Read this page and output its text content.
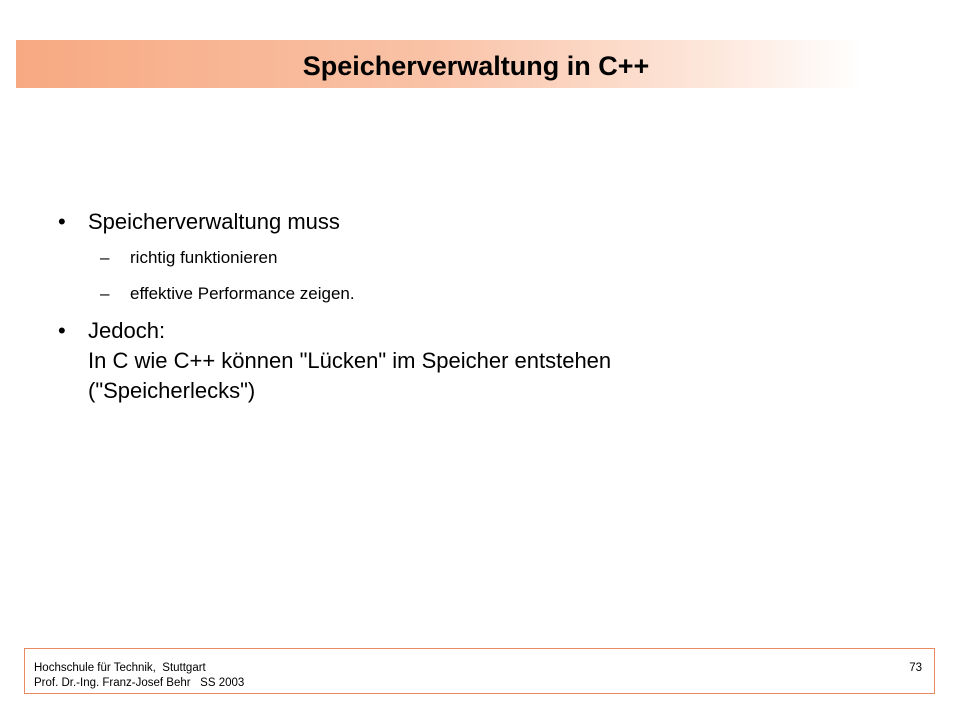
Speicherverwaltung in C++
• Speicherverwaltung muss
– richtig funktionieren
– effektive Performance zeigen.
• Jedoch:
In C wie C++ können "Lücken" im Speicher entstehen
("Speicherlecks")
Hochschule für Technik,  Stuttgart
Prof. Dr.-Ing. Franz-Josef Behr   SS 2003
73
